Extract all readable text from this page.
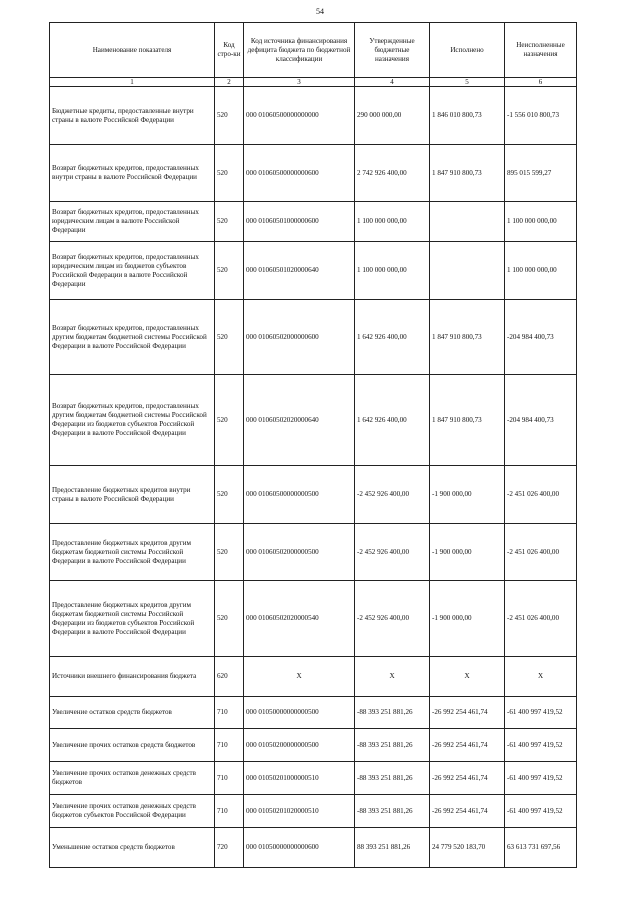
54
Наименование показателя	Код стро-ки	Код источника финансирования дефицита бюджета по бюджетной классификации	Утвержденные бюджетные назначения	Исполнено	Неисполненные назначения
1	2	3	4	5	6
Бюджетные кредиты, предоставленные внутри страны в валюте Российской Федерации	520	000 01060500000000000	290 000 000,00	1 846 010 800,73	-1 556 010 800,73
Возврат бюджетных кредитов, предоставленных внутри страны в валюте Российской Федерации	520	000 01060500000000600	2 742 926 400,00	1 847 910 800,73	895 015 599,27
Возврат бюджетных кредитов, предоставленных юридическим лицам в валюте Российской Федерации	520	000 01060501000000600	1 100 000 000,00		1 100 000 000,00
Возврат бюджетных кредитов, предоставленных юридическим лицам из бюджетов субъектов Российской Федерации в валюте Российской Федерации	520	000 01060501020000640	1 100 000 000,00		1 100 000 000,00
Возврат бюджетных кредитов, предоставленных другим бюджетам бюджетной системы Российской Федерации в валюте Российской Федерации	520	000 01060502000000600	1 642 926 400,00	1 847 910 800,73	-204 984 400,73
Возврат бюджетных кредитов, предоставленных другим бюджетам бюджетной системы Российской Федерации из бюджетов субъектов Российской Федерации в валюте Российской Федерации	520	000 01060502020000640	1 642 926 400,00	1 847 910 800,73	-204 984 400,73
Предоставление бюджетных кредитов внутри страны в валюте Российской Федерации	520	000 01060500000000500	-2 452 926 400,00	-1 900 000,00	-2 451 026 400,00
Предоставление бюджетных кредитов другим бюджетам бюджетной системы Российской Федерации в валюте Российской Федерации	520	000 01060502000000500	-2 452 926 400,00	-1 900 000,00	-2 451 026 400,00
Предоставление бюджетных кредитов другим бюджетам бюджетной системы Российской Федерации из бюджетов субъектов Российской Федерации в валюте Российской Федерации	520	000 01060502020000540	-2 452 926 400,00	-1 900 000,00	-2 451 026 400,00
Источники внешнего финансирования бюджета	620	X	X	X	X
Увеличение остатков средств бюджетов	710	000 01050000000000500	-88 393 251 881,26	-26 992 254 461,74	-61 400 997 419,52
Увеличение прочих остатков средств бюджетов	710	000 01050200000000500	-88 393 251 881,26	-26 992 254 461,74	-61 400 997 419,52
Увеличение прочих остатков денежных средств бюджетов	710	000 01050201000000510	-88 393 251 881,26	-26 992 254 461,74	-61 400 997 419,52
Увеличение прочих остатков денежных средств бюджетов субъектов Российской Федерации	710	000 01050201020000510	-88 393 251 881,26	-26 992 254 461,74	-61 400 997 419,52
Уменьшение остатков средств бюджетов	720	000 01050000000000600	88 393 251 881,26	24 779 520 183,70	63 613 731 697,56
